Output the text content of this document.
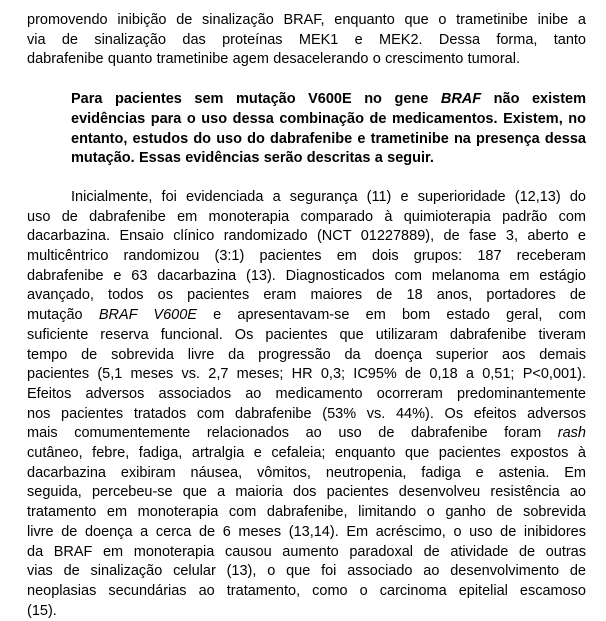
promovendo inibição de sinalização BRAF, enquanto que o trametinibe inibe a
via de sinalização das proteínas MEK1 e MEK2. Dessa forma, tanto
dabrafenibe quanto trametinibe agem desacelerando o crescimento tumoral.

Para pacientes sem mutação V600E no gene BRAF não existem
evidências para o uso dessa combinação de medicamentos. Existem, no
entanto, estudos do uso do dabrafenibe e trametinibe na presença dessa
mutação. Essas evidências serão descritas a seguir.

Inicialmente, foi evidenciada a segurança (11) e superioridade (12,13) do
uso de dabrafenibe em monoterapia comparado à quimioterapia padrão com
dacarbazina. Ensaio clínico randomizado (NCT 01227889), de fase 3, aberto e
multicêntrico randomizou (3:1) pacientes em dois grupos: 187 receberam
dabrafenibe e 63 dacarbazina (13). Diagnosticados com melanoma em estágio
avançado, todos os pacientes eram maiores de 18 anos, portadores de
mutação BRAF V600E e apresentavam-se em bom estado geral, com
suficiente reserva funcional. Os pacientes que utilizaram dabrafenibe tiveram
tempo de sobrevida livre da progressão da doença superior aos demais
pacientes (5,1 meses vs. 2,7 meses; HR 0,3; IC95% de 0,18 a 0,51; P<0,001).
Efeitos adversos associados ao medicamento ocorreram predominantemente
nos pacientes tratados com dabrafenibe (53% vs. 44%). Os efeitos adversos
mais comumentemente relacionados ao uso de dabrafenibe foram rash
cutâneo, febre, fadiga, artralgia e cefaleia; enquanto que pacientes expostos à
dacarbazina exibiram náusea, vômitos, neutropenia, fadiga e astenia. Em
seguida, percebeu-se que a maioria dos pacientes desenvolveu resistência ao
tratamento em monoterapia com dabrafenibe, limitando o ganho de sobrevida
livre de doença a cerca de 6 meses (13,14). Em acréscimo, o uso de inibidores
da BRAF em monoterapia causou aumento paradoxal de atividade de outras
vias de sinalização celular (13), o que foi associado ao desenvolvimento de
neoplasias secundárias ao tratamento, como o carcinoma epitelial escamoso
(15).
